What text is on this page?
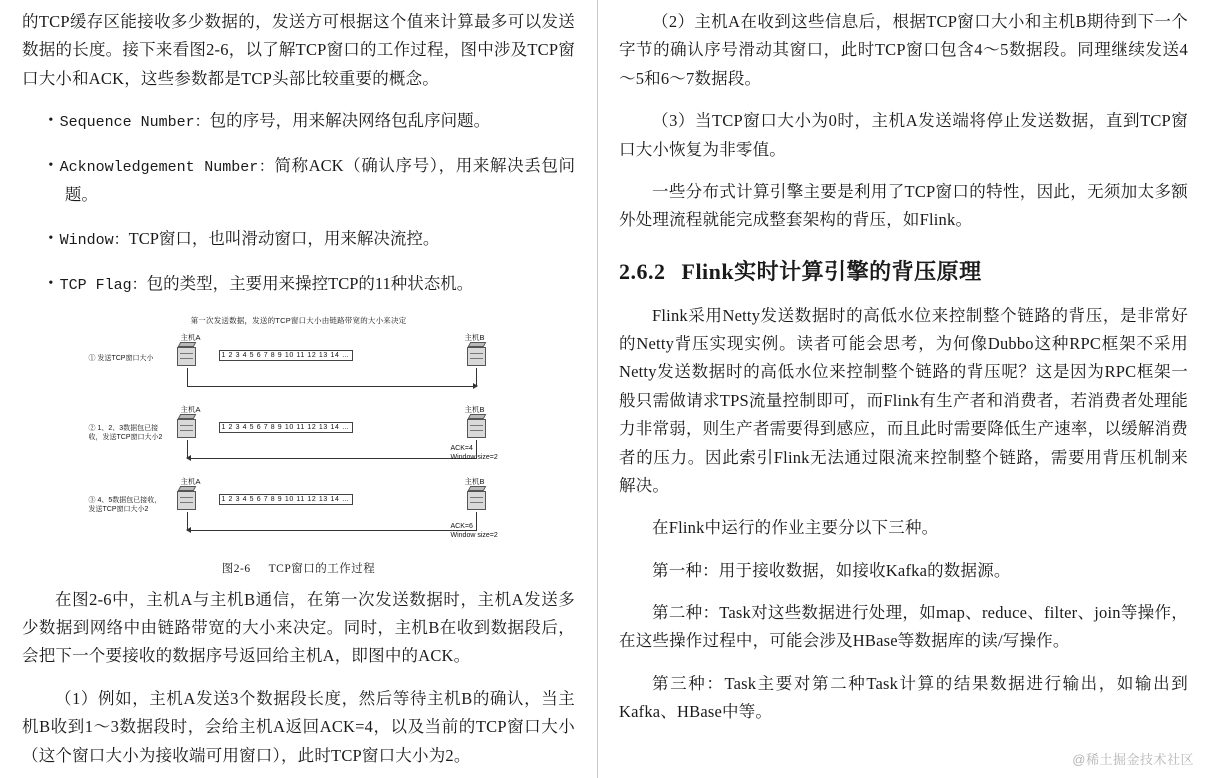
的TCP缓存区能接收多少数据的，发送方可根据这个值来计算最多可以发送数据的长度。接下来看图2-6，以了解TCP窗口的工作过程，图中涉及TCP窗口大小和ACK，这些参数都是TCP头部比较重要的概念。

• Sequence Number：包的序号，用来解决网络包乱序问题。
• Acknowledgement Number：简称ACK（确认序号），用来解决丢包问题。
• Window：TCP窗口，也叫滑动窗口，用来解决流控。
• TCP Flag：包的类型，主要用来操控TCP的11种状态机。
第一次发送数据，发送的TCP窗口大小由链路带宽的大小来决定
主机A	主机B
① 发送TCP窗口大小	1 2 3 4 5 6 7 8 9 10 11 12 13 14 …
主机A	主机B
② 1、2、3数据包已接收，发送TCP窗口大小2
1 2 3 4 5 6 7 8 9 10 11 12 13 14 …
ACK=4
Window size=2
主机A	主机B
③ 4、5数据包已接收，发送TCP窗口大小2
1 2 3 4 5 6 7 8 9 10 11 12 13 14 …
ACK=6
Window size=2
图2-6 TCP窗口的工作过程

在图2-6中，主机A与主机B通信，在第一次发送数据时，主机A发送多少数据到网络中由链路带宽的大小来决定。同时，主机B在收到数据段后，会把下一个要接收的数据序号返回给主机A，即图中的ACK。

（1）例如，主机A发送3个数据段长度，然后等待主机B的确认，当主机B收到1～3数据段时，会给主机A返回ACK=4，以及当前的TCP窗口大小（这个窗口大小为接收端可用窗口），此时TCP窗口大小为2。

（2）主机A在收到这些信息后，根据TCP窗口大小和主机B期待到下一个字节的确认序号滑动其窗口，此时TCP窗口包含4～5数据段。同理继续发送4～5和6～7数据段。

（3）当TCP窗口大小为0时，主机A发送端将停止发送数据，直到TCP窗口大小恢复为非零值。

一些分布式计算引擎主要是利用了TCP窗口的特性，因此，无须加太多额外处理流程就能完成整套架构的背压，如Flink。

2.6.2 Flink实时计算引擎的背压原理

Flink采用Netty发送数据时的高低水位来控制整个链路的背压，是非常好的Netty背压实现实例。读者可能会思考，为何像Dubbo这种RPC框架不采用Netty发送数据时的高低水位来控制整个链路的背压呢？这是因为RPC框架一般只需做请求TPS流量控制即可，而Flink有生产者和消费者，若消费者处理能力非常弱，则生产者需要得到感应，而且此时需要降低生产速率，以缓解消费者的压力。因此索引Flink无法通过限流来控制整个链路，需要用背压机制来解决。

在Flink中运行的作业主要分以下三种。

第一种：用于接收数据，如接收Kafka的数据源。

第二种：Task对这些数据进行处理，如map、reduce、filter、join等操作，在这些操作过程中，可能会涉及HBase等数据库的读/写操作。

第三种：Task主要对第二种Task计算的结果数据进行输出，如输出到Kafka、HBase中等。

@稀土掘金技术社区
